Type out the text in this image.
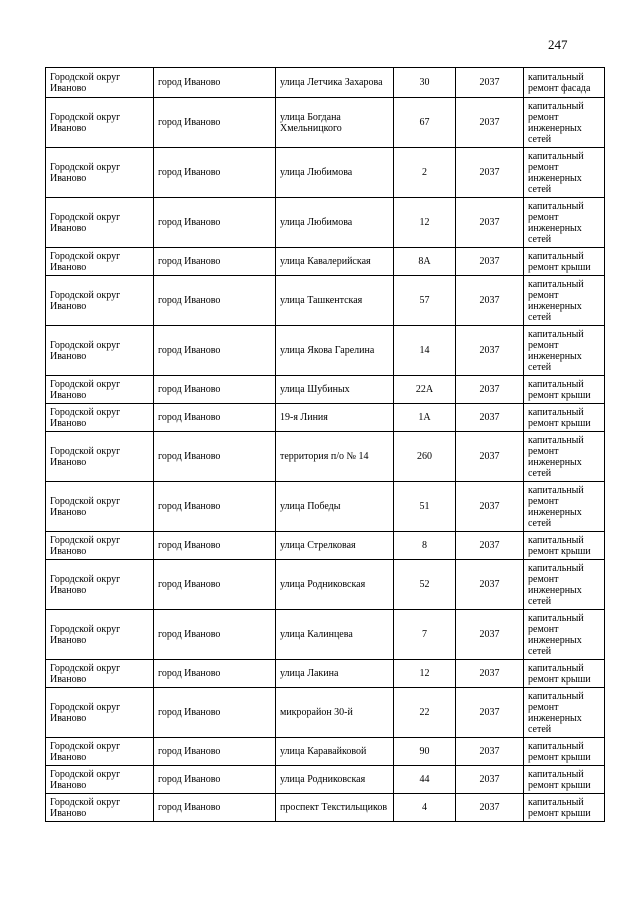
247
Городской округ Иваново	город Иваново	улица Летчика Захарова	30	2037	капитальный ремонт фасада
Городской округ Иваново	город Иваново	улица Богдана Хмельницкого	67	2037	капитальный ремонт инженерных сетей
Городской округ Иваново	город Иваново	улица Любимова	2	2037	капитальный ремонт инженерных сетей
Городской округ Иваново	город Иваново	улица Любимова	12	2037	капитальный ремонт инженерных сетей
Городской округ Иваново	город Иваново	улица Кавалерийская	8А	2037	капитальный ремонт крыши
Городской округ Иваново	город Иваново	улица Ташкентская	57	2037	капитальный ремонт инженерных сетей
Городской округ Иваново	город Иваново	улица Якова Гарелина	14	2037	капитальный ремонт инженерных сетей
Городской округ Иваново	город Иваново	улица Шубиных	22А	2037	капитальный ремонт крыши
Городской округ Иваново	город Иваново	19-я Линия	1А	2037	капитальный ремонт крыши
Городской округ Иваново	город Иваново	территория п/о № 14	260	2037	капитальный ремонт инженерных сетей
Городской округ Иваново	город Иваново	улица Победы	51	2037	капитальный ремонт инженерных сетей
Городской округ Иваново	город Иваново	улица Стрелковая	8	2037	капитальный ремонт крыши
Городской округ Иваново	город Иваново	улица Родниковская	52	2037	капитальный ремонт инженерных сетей
Городской округ Иваново	город Иваново	улица Калинцева	7	2037	капитальный ремонт инженерных сетей
Городской округ Иваново	город Иваново	улица Лакина	12	2037	капитальный ремонт крыши
Городской округ Иваново	город Иваново	микрорайон 30-й	22	2037	капитальный ремонт инженерных сетей
Городской округ Иваново	город Иваново	улица Каравайковой	90	2037	капитальный ремонт крыши
Городской округ Иваново	город Иваново	улица Родниковская	44	2037	капитальный ремонт крыши
Городской округ Иваново	город Иваново	проспект Текстильщиков	4	2037	капитальный ремонт крыши
